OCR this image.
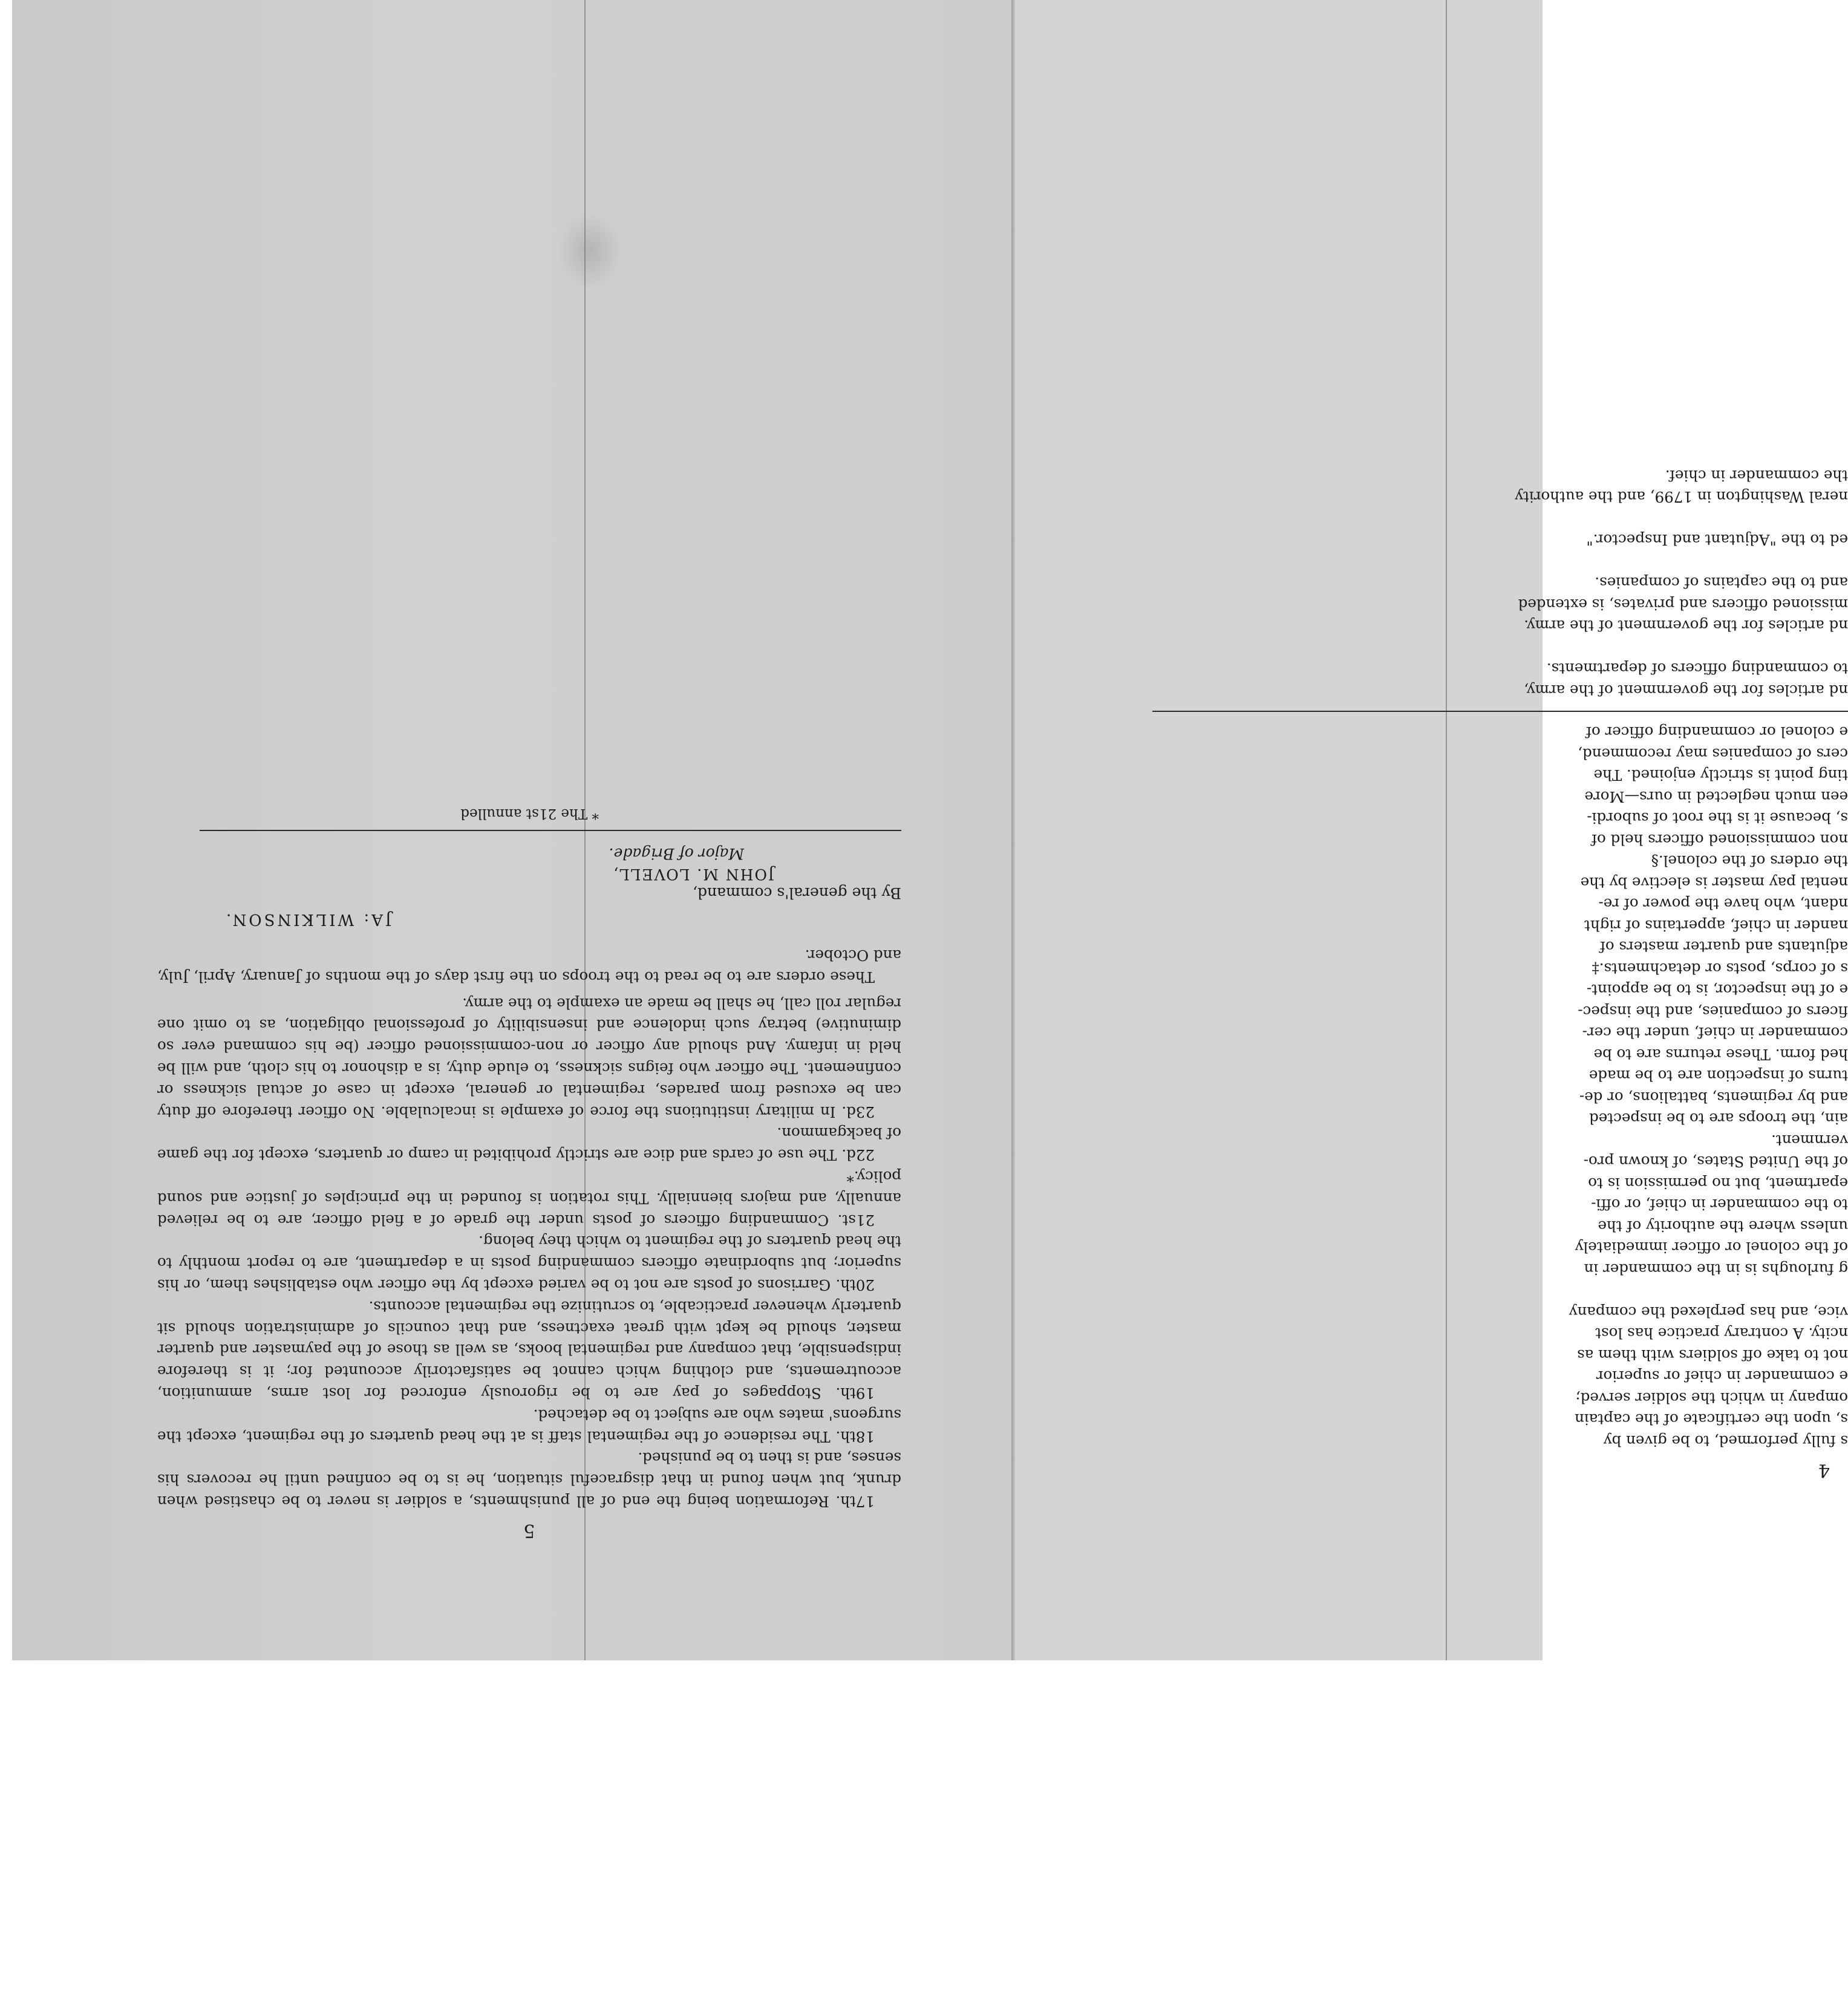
5

17th. Reformation being the end of all punishments, a soldier is never to be chastised when drunk, but when found in that disgraceful situation, he is to be confined until he recovers his senses, and is then to be punished.

18th. The residence of the regimental staff is at the head quarters of the regiment, except the surgeons' mates who are subject to be detached.

19th. Stoppages of pay are to be rigorously enforced for lost arms, ammunition, accoutrements, and clothing which cannot be satisfactorily accounted for; it is therefore indispensible, that company and regimental books, as well as those of the paymaster and quarter master, should be kept with great exactness, and that councils of administration should sit quarterly whenever practicable, to scrutinize the regimental accounts.

20th. Garrisons of posts are not to be varied except by the officer who establishes them, or his superior; but subordinate officers commanding posts in a department, are to report monthly to the head quarters of the regiment to which they belong.

21st. Commanding officers of posts under the grade of a field officer, are to be relieved annually, and majors biennially. This rotation is founded in the principles of justice and sound policy.*

22d. The use of cards and dice are strictly prohibited in camp or quarters, except for the game of backgammon.

23d. In military institutions the force of example is incalculable. No officer therefore off duty can be excused from parades, regimental or general, except in case of actual sickness or confinement. The officer who feigns sickness, to elude duty, is a dishonor to his cloth, and will be held in infamy. And should any officer or non-commissioned officer (be his command ever so diminutive) betray such indolence and insensibility of professional obligation, as to omit one regular roll call, he shall be made an example to the army.

These orders are to be read to the troops on the first days of the months of January, April, July, and October.

JA: WILKINSON.
By the general's command,
JOHN M. LOVELL,
Major of Brigade.
* The 21st annulled
4
s fully performed, to be given by
s, upon the certificate of the captain
ompany in which the soldier served;
e commander in chief or superior
not to take off soldiers with them as
ncity. A contrary practice has lost
vice, and has perplexed the company
g furloughs is in the commander in
of the colonel or officer immediately
unless where the authority of the
to the commander in chief, or offi-
epartment, but no permission is to
of the United States, of known pro-
vernment.
ain, the troops are to be inspected
and by regiments, battalions, or de-
turns of inspection are to be made
hed form. These returns are to be
commander in chief, under the cer-
ficers of companies, and the inspec-
e of the inspector, is to be appoint-
s of corps, posts or detachments.‡
adjutants and quarter masters of
nander in chief, appertains of right
ndant, who have the power of re-
nental pay master is elective by the
the orders of the colonel.§
non commissioned officers held of
s, because it is the root of subordi-
een much neglected in ours—More
ting point is strictly enjoined. The
cers of companies may recommend,
e colonel or commanding officer of
nd articles for the government of the army,
to commanding officers of departments.
nd articles for the government of the army.
missioned officers and privates, is extended
and to the captains of companies.
ed to the "Adjutant and Inspector."
neral Washington in 1799, and the authority
the commander in chief.
